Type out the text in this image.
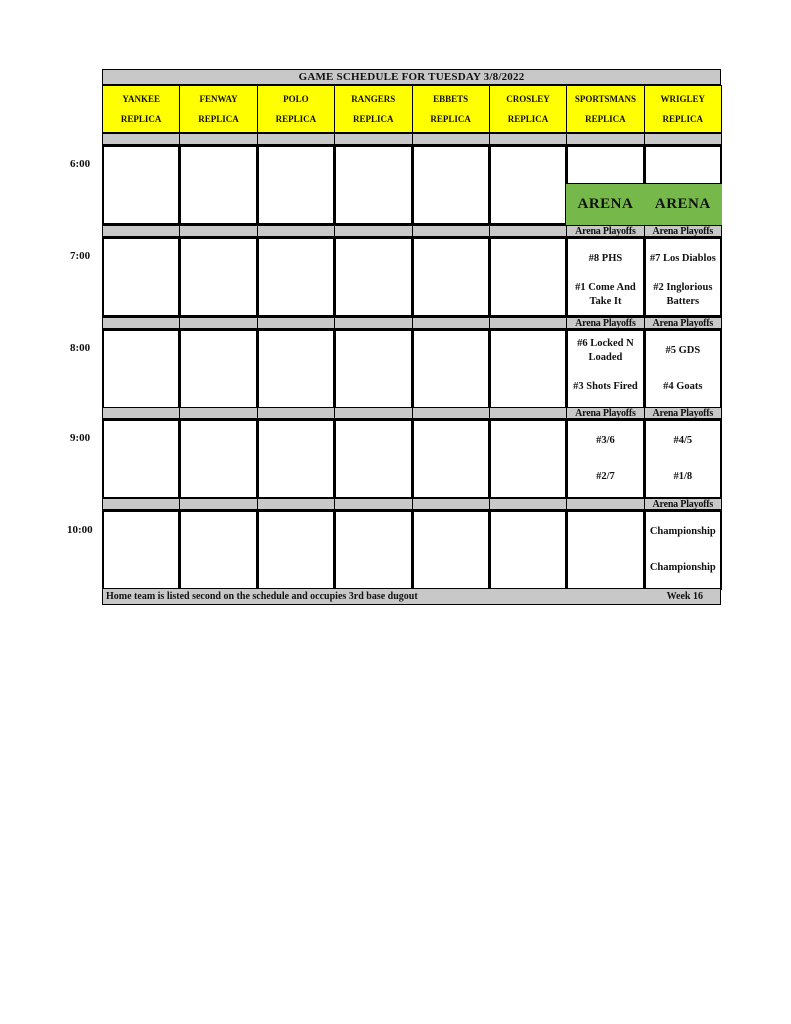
6:00
7:00
8:00
9:00
10:00
GAME SCHEDULE FOR TUESDAY 3/8/2022
YANKEE
REPLICA
FENWAY
REPLICA
POLO
REPLICA
RANGERS
REPLICA
EBBETS
REPLICA
CROSLEY
REPLICA
SPORTSMANS
REPLICA
WRIGLEY
REPLICA
ARENA ARENA
Arena Playoffs
#8 PHS
#1 Come And Take It
Arena Playoffs
#7 Los Diablos
#2 Inglorious Batters
Arena Playoffs
#6 Locked N Loaded
#3 Shots Fired
Arena Playoffs
#5 GDS
#4 Goats
Arena Playoffs
#3/6
#2/7
Arena Playoffs
#4/5
#1/8
Arena Playoffs
Championship
Championship
Home team is listed second on the schedule and occupies 3rd base dugout	Week 16
